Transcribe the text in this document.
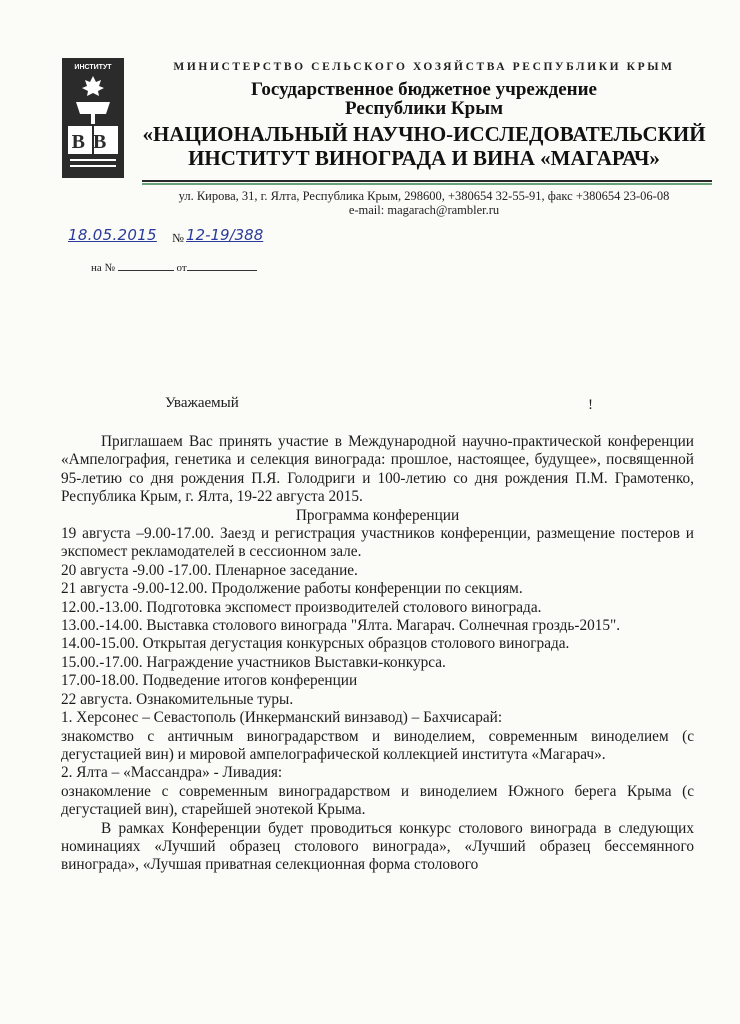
ИНСТИТУТ
ВВ
МИНИСТЕРСТВО СЕЛЬСКОГО ХОЗЯЙСТВА РЕСПУБЛИКИ КРЫМ
Государственное бюджетное учреждение
Республики Крым
«НАЦИОНАЛЬНЫЙ НАУЧНО-ИССЛЕДОВАТЕЛЬСКИЙ
ИНСТИТУТ ВИНОГРАДА И ВИНА «МАГАРАЧ»
ул. Кирова, 31, г. Ялта, Республика Крым, 298600, +380654 32-55-91, факс +380654 23-06-08
e-mail: magarach@rambler.ru
18.05.2015 № 12-19/388
на №	от
Уважаемый	!

Приглашаем Вас принять участие в Международной научно-практической конференции «Ампелография, генетика и селекция винограда: прошлое, настоящее, будущее», посвященной 95-летию со дня рождения П.Я. Голодриги и 100-летию со дня рождения П.М. Грамотенко, Республика Крым, г. Ялта, 19-22 августа 2015.

Программа конференции

19 августа –9.00-17.00. Заезд и регистрация участников конференции, размещение постеров и экспомест рекламодателей в сессионном зале.

20 августа -9.00 -17.00. Пленарное заседание.

21 августа -9.00-12.00. Продолжение работы конференции по секциям.

12.00.-13.00. Подготовка экспомест производителей столового винограда.

13.00.-14.00. Выставка столового винограда "Ялта. Магарач. Солнечная гроздь-2015".

14.00-15.00. Открытая дегустация конкурсных образцов столового винограда.

15.00.-17.00. Награждение участников Выставки-конкурса.

17.00-18.00. Подведение итогов конференции

22 августа. Ознакомительные туры.

1. Херсонес – Севастополь (Инкерманский винзавод) – Бахчисарай:

знакомство с античным виноградарством и виноделием, современным виноделием (с дегустацией вин) и мировой ампелографической коллекцией института «Магарач».

2. Ялта – «Массандра» - Ливадия:

ознакомление с современным виноградарством и виноделием Южного берега Крыма (с дегустацией вин), старейшей энотекой Крыма.

В рамках Конференции будет проводиться конкурс столового винограда в следующих номинациях «Лучший образец столового винограда», «Лучший образец бессемянного винограда», «Лучшая приватная селекционная форма столового
